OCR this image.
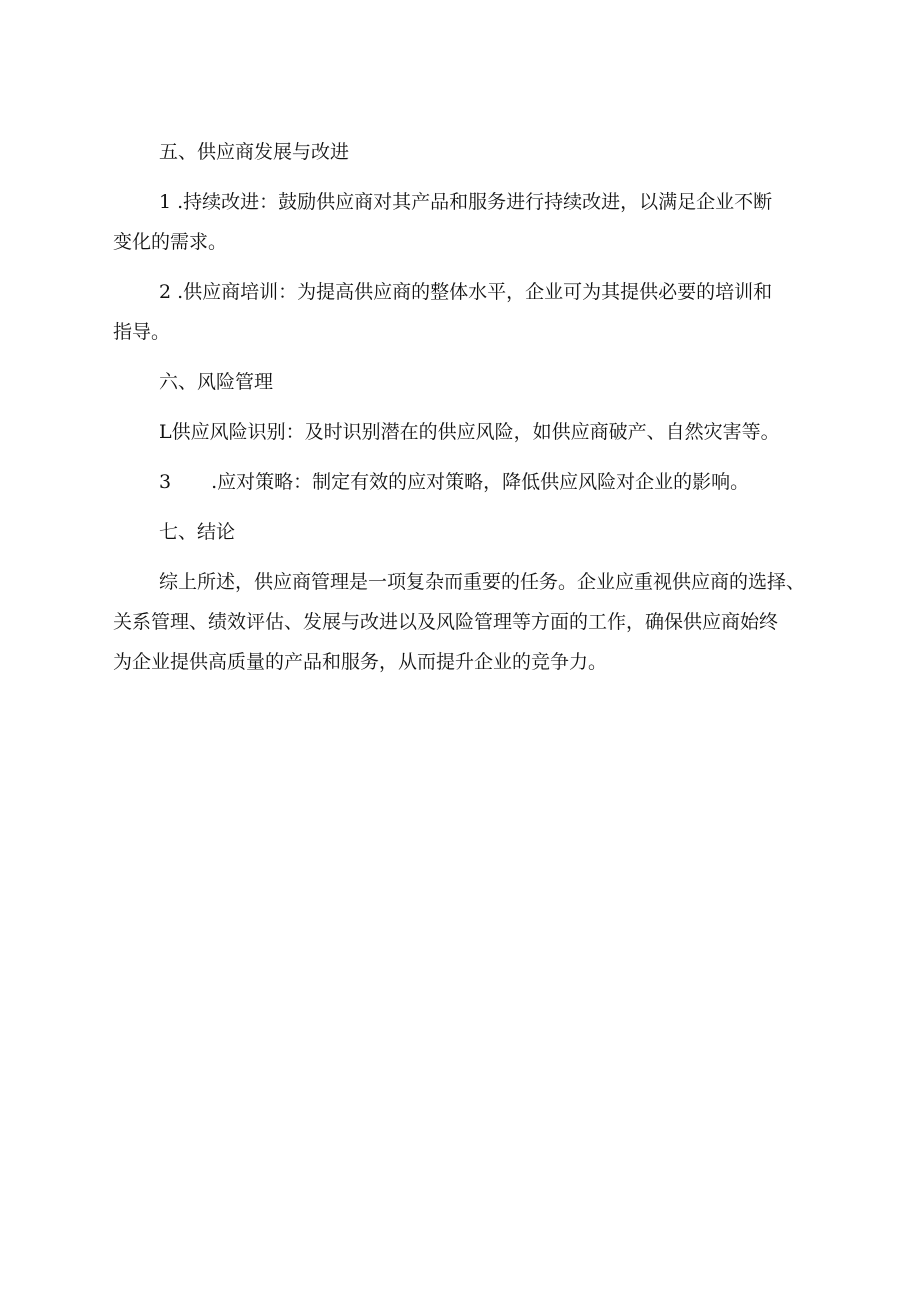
五、供应商发展与改进
1 .持续改进：鼓励供应商对其产品和服务进行持续改进，以满足企业不断
变化的需求。
2 .供应商培训：为提高供应商的整体水平，企业可为其提供必要的培训和
指导。
六、风险管理
L供应风险识别：及时识别潜在的供应风险，如供应商破产、自然灾害等。
3 .应对策略：制定有效的应对策略，降低供应风险对企业的影响。
七、结论
综上所述，供应商管理是一项复杂而重要的任务。企业应重视供应商的选择、
关系管理、绩效评估、发展与改进以及风险管理等方面的工作，确保供应商始终
为企业提供高质量的产品和服务，从而提升企业的竞争力。
